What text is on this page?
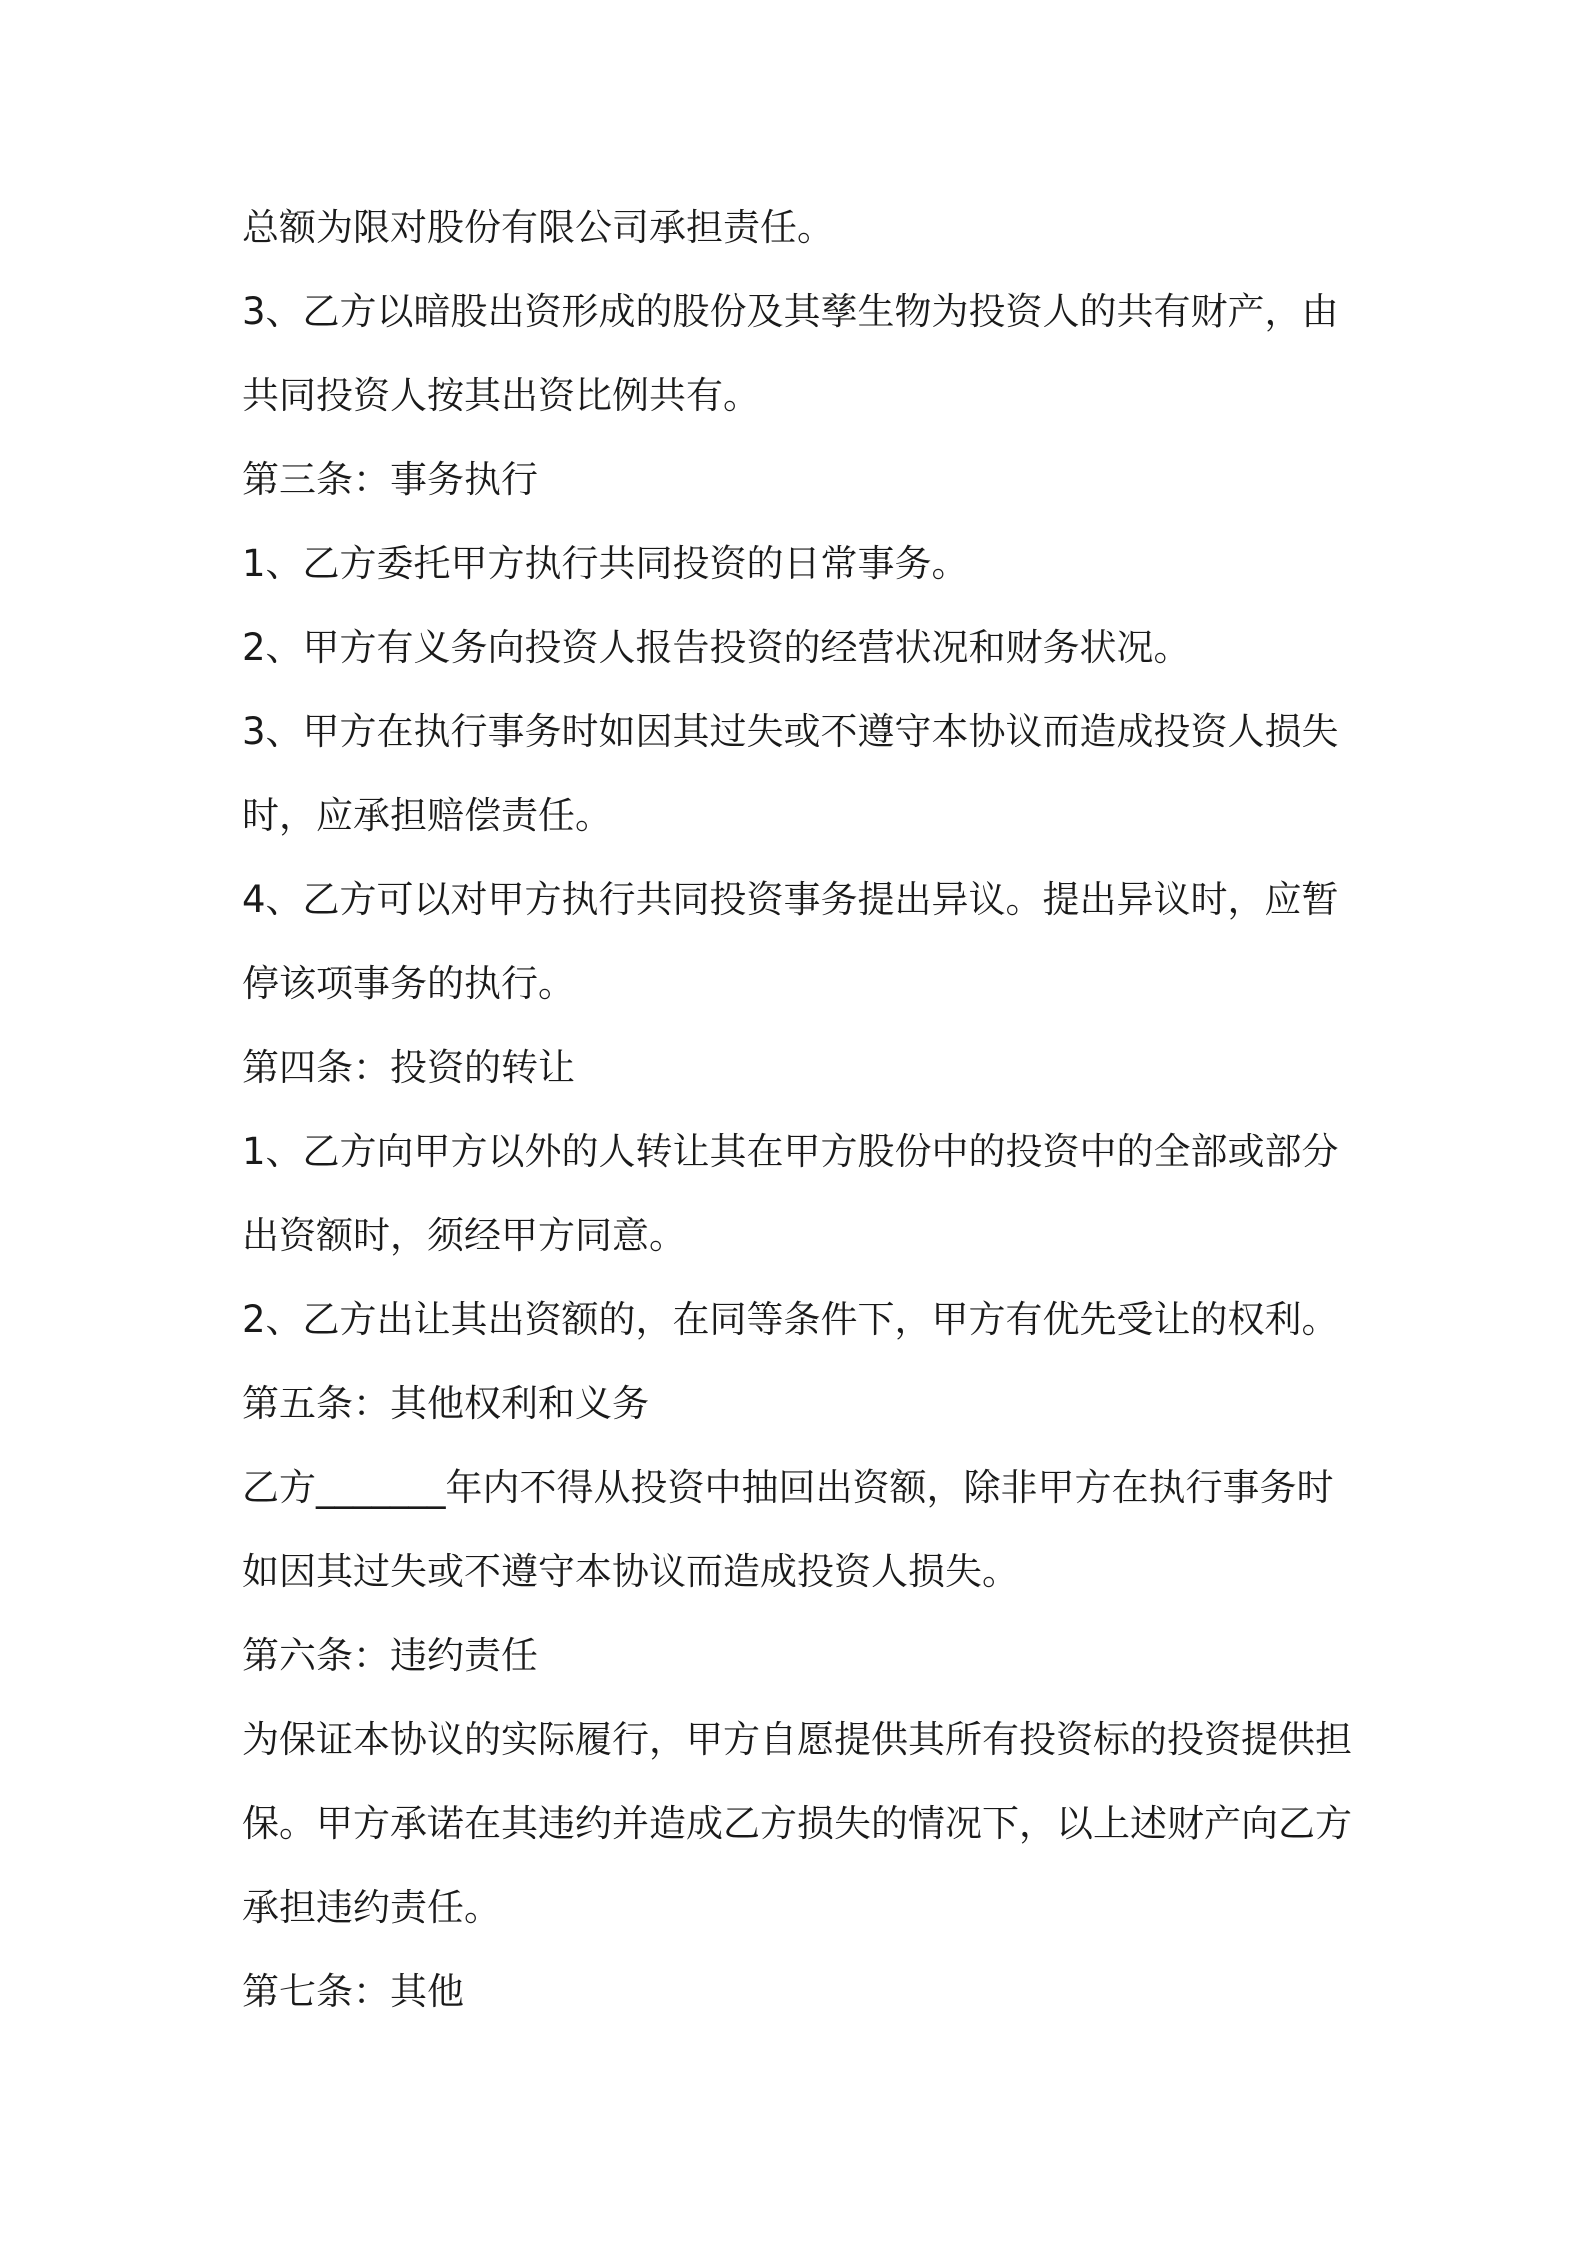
总额为限对股份有限公司承担责任。
3、乙方以暗股出资形成的股份及其孳生物为投资人的共有财产，由
共同投资人按其出资比例共有。
第三条：事务执行
1、乙方委托甲方执行共同投资的日常事务。
2、甲方有义务向投资人报告投资的经营状况和财务状况。
3、甲方在执行事务时如因其过失或不遵守本协议而造成投资人损失
时，应承担赔偿责任。
4、乙方可以对甲方执行共同投资事务提出异议。提出异议时，应暂
停该项事务的执行。
第四条：投资的转让
1、乙方向甲方以外的人转让其在甲方股份中的投资中的全部或部分
出资额时，须经甲方同意。
2、乙方出让其出资额的，在同等条件下，甲方有优先受让的权利。
第五条：其他权利和义务
乙方_______年内不得从投资中抽回出资额，除非甲方在执行事务时
如因其过失或不遵守本协议而造成投资人损失。
第六条：违约责任
为保证本协议的实际履行，甲方自愿提供其所有投资标的投资提供担
保。甲方承诺在其违约并造成乙方损失的情况下，以上述财产向乙方
承担违约责任。
第七条：其他
